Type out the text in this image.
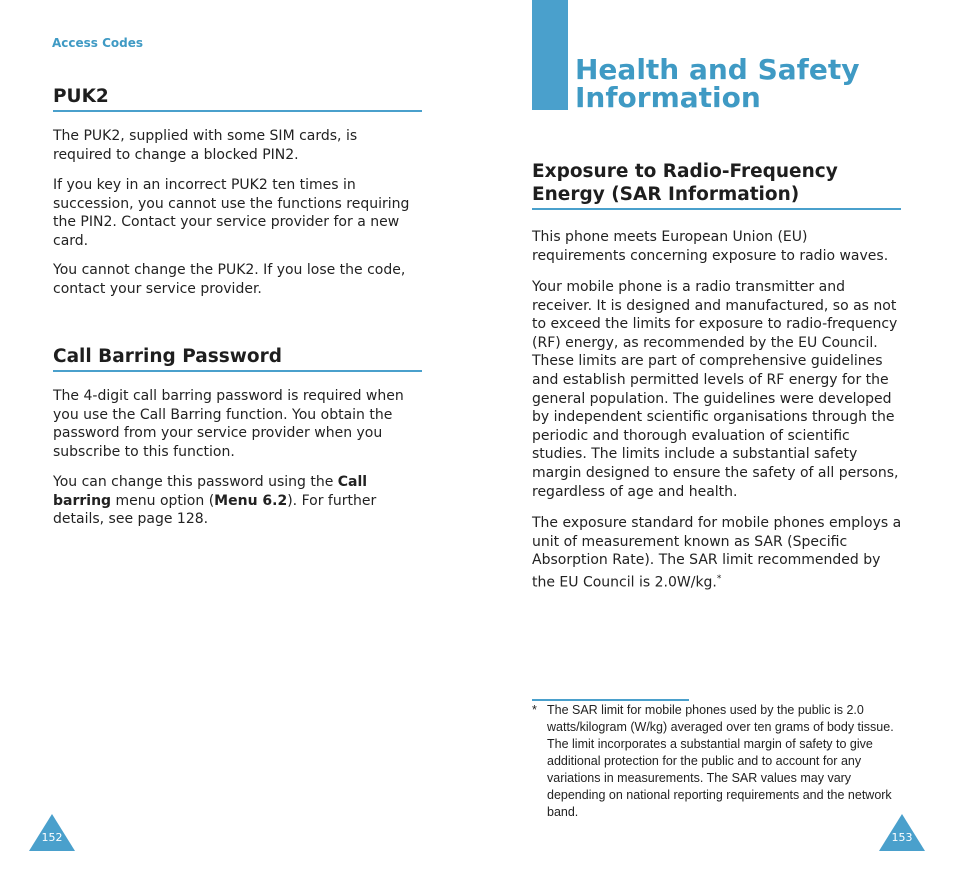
Access Codes
PUK2

The PUK2, supplied with some SIM cards, is required to change a blocked PIN2.

If you key in an incorrect PUK2 ten times in succession, you cannot use the functions requiring the PIN2. Contact your service provider for a new card.

You cannot change the PUK2. If you lose the code, contact your service provider.

Call Barring Password

The 4-digit call barring password is required when you use the Call Barring function. You obtain the password from your service provider when you subscribe to this function.

You can change this password using the Call barring menu option (Menu 6.2). For further details, see page 128.

152
Health and Safety Information
Exposure to Radio-Frequency Energy (SAR Information)

This phone meets European Union (EU) requirements concerning exposure to radio waves.

Your mobile phone is a radio transmitter and receiver. It is designed and manufactured, so as not to exceed the limits for exposure to radio-frequency (RF) energy, as recommended by the EU Council. These limits are part of comprehensive guidelines and establish permitted levels of RF energy for the general population. The guidelines were developed by independent scientific organisations through the periodic and thorough evaluation of scientific studies. The limits include a substantial safety margin designed to ensure the safety of all persons, regardless of age and health.

The exposure standard for mobile phones employs a unit of measurement known as SAR (Specific Absorption Rate). The SAR limit recommended by the EU Council is 2.0W/kg.*

* The SAR limit for mobile phones used by the public is 2.0 watts/kilogram (W/kg) averaged over ten grams of body tissue. The limit incorporates a substantial margin of safety to give additional protection for the public and to account for any variations in measurements. The SAR values may vary depending on national reporting requirements and the network band.
153
